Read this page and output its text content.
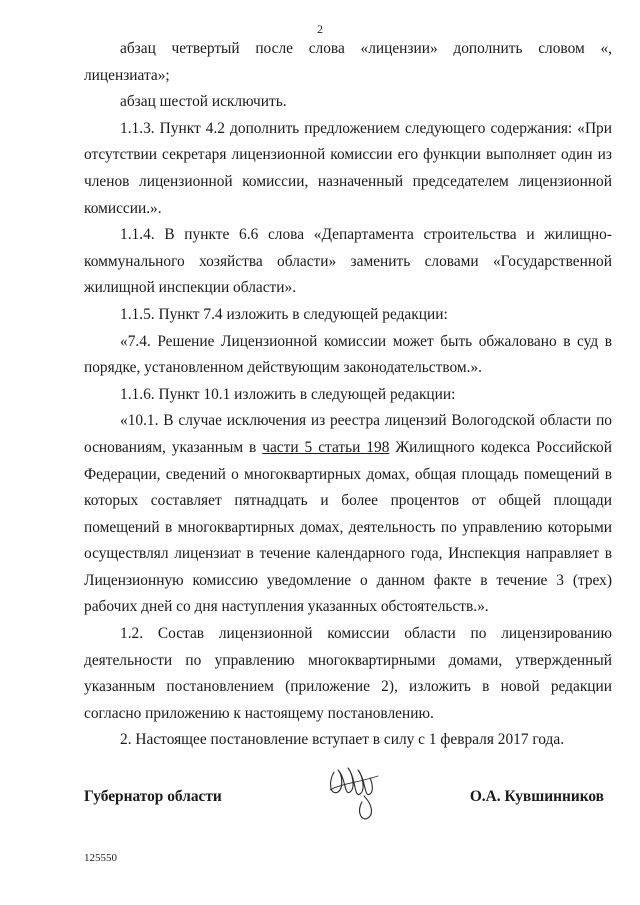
2

абзац четвертый после слова «лицензии» дополнить словом «, лицензиата»;

абзац шестой исключить.

1.1.3. Пункт 4.2 дополнить предложением следующего содержания: «При отсутствии секретаря лицензионной комиссии его функции выполняет один из членов лицензионной комиссии, назначенный председателем лицензионной комиссии.».

1.1.4. В пункте 6.6 слова «Департамента строительства и жилищно-коммунального хозяйства области» заменить словами «Государственной жилищной инспекции области».

1.1.5. Пункт 7.4 изложить в следующей редакции:

«7.4. Решение Лицензионной комиссии может быть обжаловано в суд в порядке, установленном действующим законодательством.».

1.1.6. Пункт 10.1 изложить в следующей редакции:

«10.1. В случае исключения из реестра лицензий Вологодской области по основаниям, указанным в части 5 статьи 198 Жилищного кодекса Российской Федерации, сведений о многоквартирных домах, общая площадь помещений в которых составляет пятнадцать и более процентов от общей площади помещений в многоквартирных домах, деятельность по управлению которыми осуществлял лицензиат в течение календарного года, Инспекция направляет в Лицензионную комиссию уведомление о данном факте в течение 3 (трех) рабочих дней со дня наступления указанных обстоятельств.».

1.2. Состав лицензионной комиссии области по лицензированию деятельности по управлению многоквартирными домами, утвержденный указанным постановлением (приложение 2), изложить в новой редакции согласно приложению к настоящему постановлению.

2. Настоящее постановление вступает в силу с 1 февраля 2017 года.

Губернатор области	О.А. Кувшинников
125550
